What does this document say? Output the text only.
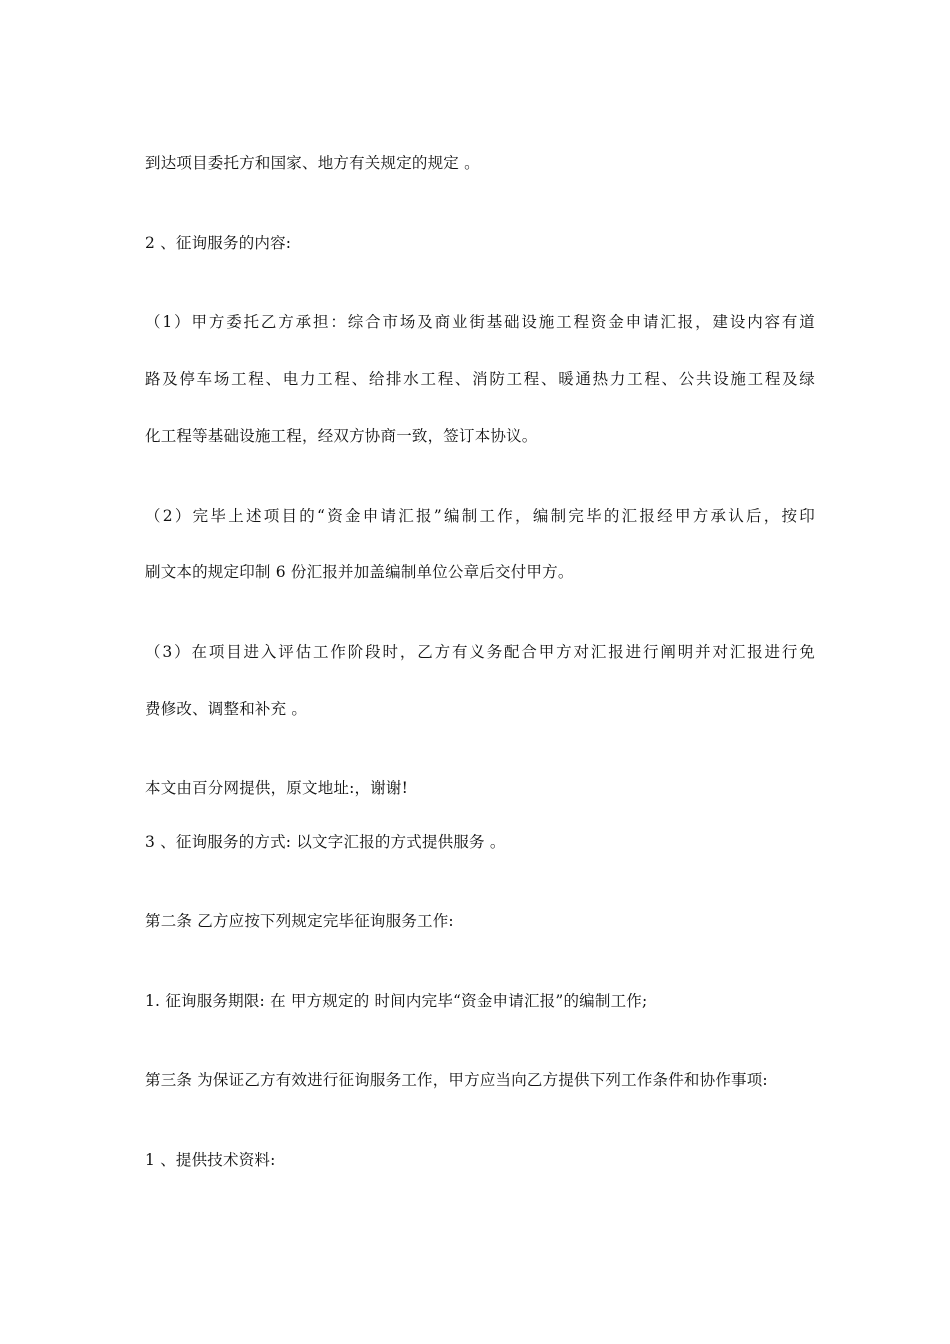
到达项目委托方和国家、地方有关规定的规定 。
2 、征询服务的内容:
（1）甲方委托乙方承担：综合市场及商业街基础设施工程资金申请汇报，建设内容有道
路及停车场工程、电力工程、给排水工程、消防工程、暖通热力工程、公共设施工程及绿
化工程等基础设施工程，经双方协商一致，签订本协议。
（2）完毕上述项目的“资金申请汇报”编制工作，编制完毕的汇报经甲方承认后，按印
刷文本的规定印制 6 份汇报并加盖编制单位公章后交付甲方。
（3）在项目进入评估工作阶段时，乙方有义务配合甲方对汇报进行阐明并对汇报进行免
费修改、调整和补充 。
本文由百分网提供，原文地址:，谢谢!
3 、征询服务的方式: 以文字汇报的方式提供服务 。
第二条 乙方应按下列规定完毕征询服务工作:
1. 征询服务期限: 在 甲方规定的 时间内完毕“资金申请汇报”的编制工作;
第三条 为保证乙方有效进行征询服务工作，甲方应当向乙方提供下列工作条件和协作事项:
1 、提供技术资料:
